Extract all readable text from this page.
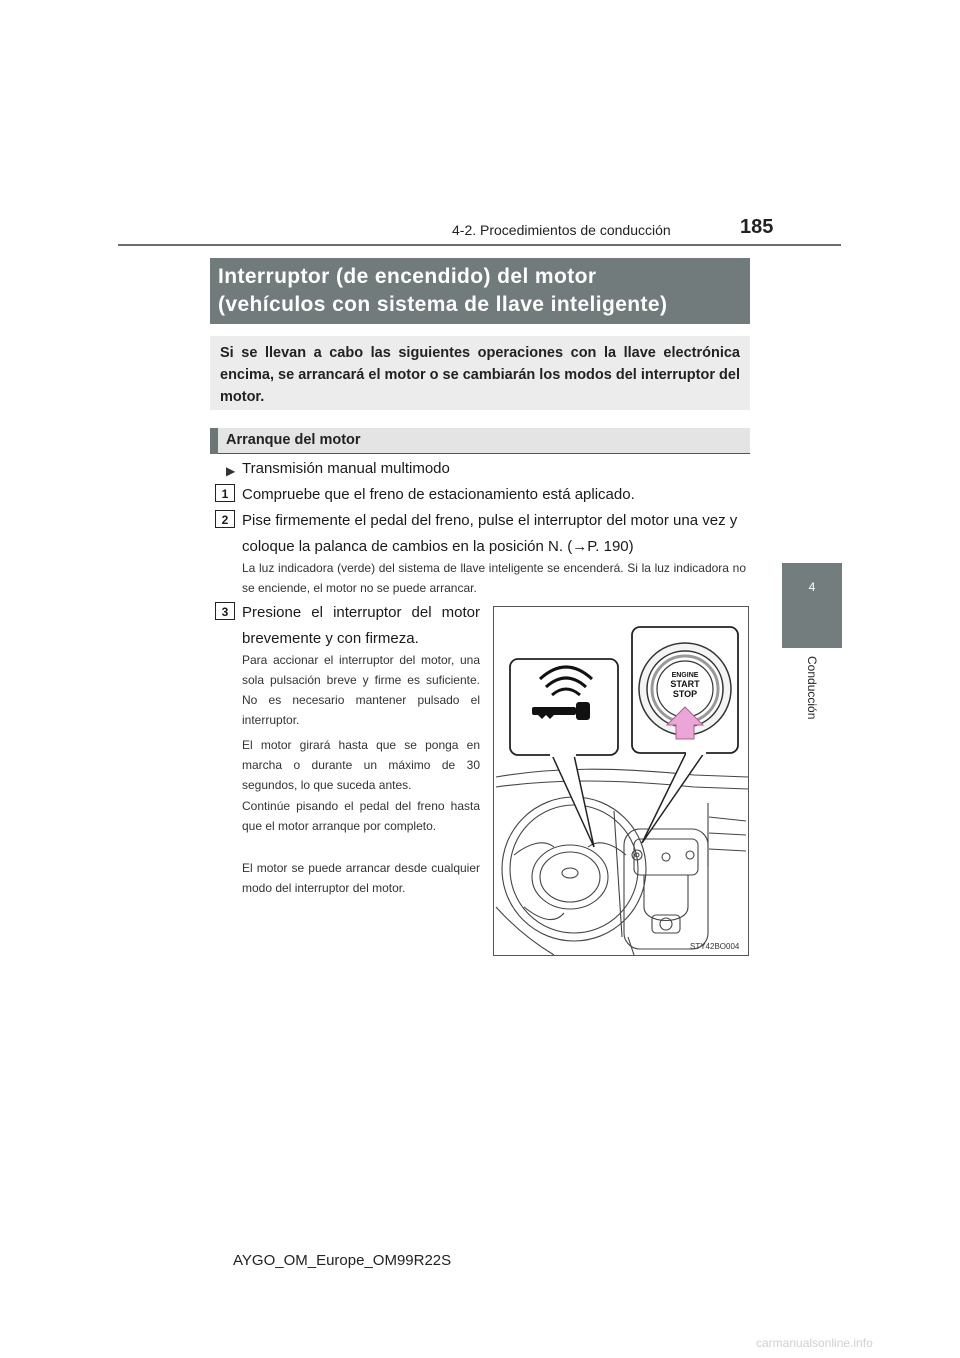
4-2. Procedimientos de conducción	185
4
Conducción
Interruptor (de encendido) del motor
(vehículos con sistema de llave inteligente)
Si se llevan a cabo las siguientes operaciones con la llave electrónica encima, se arrancará el motor o se cambiarán los modos del interruptor del motor.
Arranque del motor
▶ Transmisión manual multimodo
1 Compruebe que el freno de estacionamiento está aplicado.
2 Pise firmemente el pedal del freno, pulse el interruptor del motor una vez y coloque la palanca de cambios en la posición N. (→P. 190)
La luz indicadora (verde) del sistema de llave inteligente se encenderá. Si la luz indicadora no se enciende, el motor no se puede arrancar.
3 Presione el interruptor del motor brevemente y con firmeza.
Para accionar el interruptor del motor, una sola pulsación breve y firme es suficiente. No es necesario mantener pulsado el interruptor.
El motor girará hasta que se ponga en marcha o durante un máximo de 30 segundos, lo que suceda antes.
Continúe pisando el pedal del freno hasta que el motor arranque por completo.
El motor se puede arrancar desde cualquier modo del interruptor del motor.
ENGINE
START
STOP
STY42BO004
AYGO_OM_Europe_OM99R22S
carmanualsonline.info
